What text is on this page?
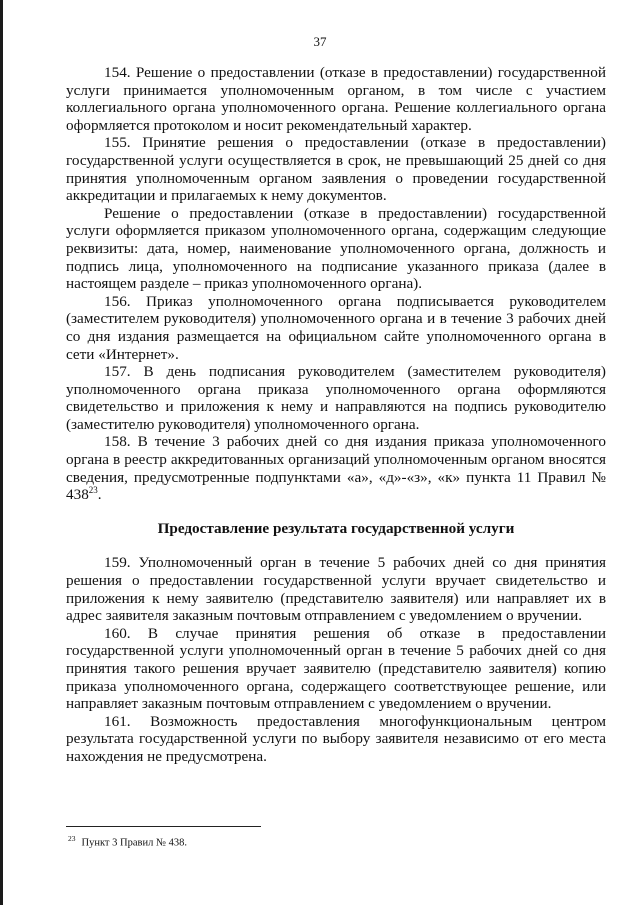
37

154. Решение о предоставлении (отказе в предоставлении) государственной услуги принимается уполномоченным органом, в том числе с участием коллегиального органа уполномоченного органа. Решение коллегиального органа оформляется протоколом и носит рекомендательный характер.

155. Принятие решения о предоставлении (отказе в предоставлении) государственной услуги осуществляется в срок, не превышающий 25 дней со дня принятия уполномоченным органом заявления о проведении государственной аккредитации и прилагаемых к нему документов.

Решение о предоставлении (отказе в предоставлении) государственной услуги оформляется приказом уполномоченного органа, содержащим следующие реквизиты: дата, номер, наименование уполномоченного органа, должность и подпись лица, уполномоченного на подписание указанного приказа (далее в настоящем разделе – приказ уполномоченного органа).

156. Приказ уполномоченного органа подписывается руководителем (заместителем руководителя) уполномоченного органа и в течение 3 рабочих дней со дня издания размещается на официальном сайте уполномоченного органа в сети «Интернет».

157. В день подписания руководителем (заместителем руководителя) уполномоченного органа приказа уполномоченного органа оформляются свидетельство и приложения к нему и направляются на подпись руководителю (заместителю руководителя) уполномоченного органа.

158. В течение 3 рабочих дней со дня издания приказа уполномоченного органа в реестр аккредитованных организаций уполномоченным органом вносятся сведения, предусмотренные подпунктами «а», «д»-«з», «к» пункта 11 Правил № $438^{23}$.

Предоставление результата государственной услуги

159. Уполномоченный орган в течение 5 рабочих дней со дня принятия решения о предоставлении государственной услуги вручает свидетельство и приложения к нему заявителю (представителю заявителя) или направляет их в адрес заявителя заказным почтовым отправлением с уведомлением о вручении.

160. В случае принятия решения об отказе в предоставлении государственной услуги уполномоченный орган в течение 5 рабочих дней со дня принятия такого решения вручает заявителю (представителю заявителя) копию приказа уполномоченного органа, содержащего соответствующее решение, или направляет заказным почтовым отправлением с уведомлением о вручении.

161. Возможность предоставления многофункциональным центром результата государственной услуги по выбору заявителя независимо от его места нахождения не предусмотрена.

$^{23}$ Пункт 3 Правил № 438.
